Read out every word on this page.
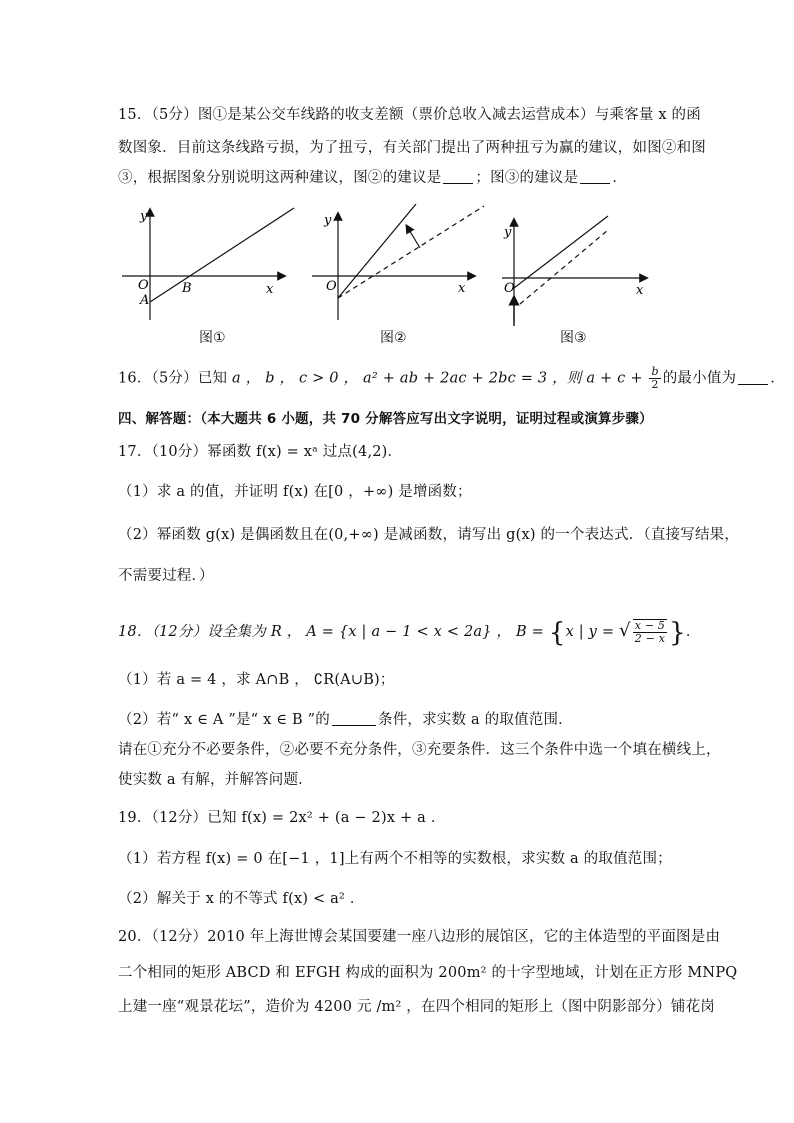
15．（5分）图①是某公交车线路的收支差额（票价总收入减去运营成本）与乘客量 x 的函
数图象．目前这条线路亏损，为了扭亏，有关部门提出了两种扭亏为赢的建议，如图②和图
③，根据图象分别说明这两种建议，图②的建议是 ；图③的建议是 ．
y
x
O
A
B
y
x
O
y
x
O
图①	图②	图③
16．（5分）已知 a ， b ， c > 0 ， a² + ab + 2ac + 2bc = 3 ，则 $a + c + \frac{b}{2}$ 的最小值为 ．
四、解答题：（本大题共 6 小题，共 70 分解答应写出文字说明，证明过程或演算步骤）
17．（10分）幂函数 f(x) = xᵃ 过点(4,2)．
（1）求 a 的值，并证明 f(x) 在[0 ，+∞) 是增函数；
（2）幂函数 g(x) 是偶函数且在(0,+∞) 是减函数，请写出 g(x) 的一个表达式．（直接写结果，
不需要过程．）
18．（12分）设全集为 R ， A = {x | a − 1 < x < 2a} ， B = {x | y = √ $\frac{x - 5}{2 - x}$ }．
（1）若 a = 4 ，求 A∩B ， ∁R(A∪B)；
（2）若“ x ∈ A ”是“ x ∈ B ”的	条件，求实数 a 的取值范围．
请在①充分不必要条件，②必要不充分条件，③充要条件．这三个条件中选一个填在横线上，
使实数 a 有解，并解答问题．
19．（12分）已知 f(x) = 2x² + (a − 2)x + a ．
（1）若方程 f(x) = 0 在[−1 ，1]上有两个不相等的实数根，求实数 a 的取值范围；
（2）解关于 x 的不等式 f(x) < a² ．
20．（12分）2010 年上海世博会某国要建一座八边形的展馆区，它的主体造型的平面图是由
二个相同的矩形 ABCD 和 EFGH 构成的面积为 200m² 的十字型地域，计划在正方形 MNPQ
上建一座“观景花坛”，造价为 4200 元 /m² ，在四个相同的矩形上（图中阴影部分）铺花岗
